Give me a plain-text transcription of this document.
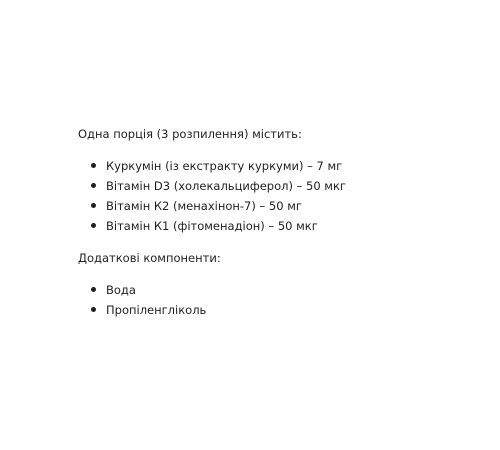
Одна порція (3 розпилення) містить:

Куркумін (із екстракту куркуми) – 7 мг
Вітамін D3 (холекальциферол) – 50 мкг
Вітамін К2 (менахінон-7) – 50 мг
Вітамін К1 (фітоменадіон) – 50 мкг

Додаткові компоненти:

Вода
Пропіленгліколь
